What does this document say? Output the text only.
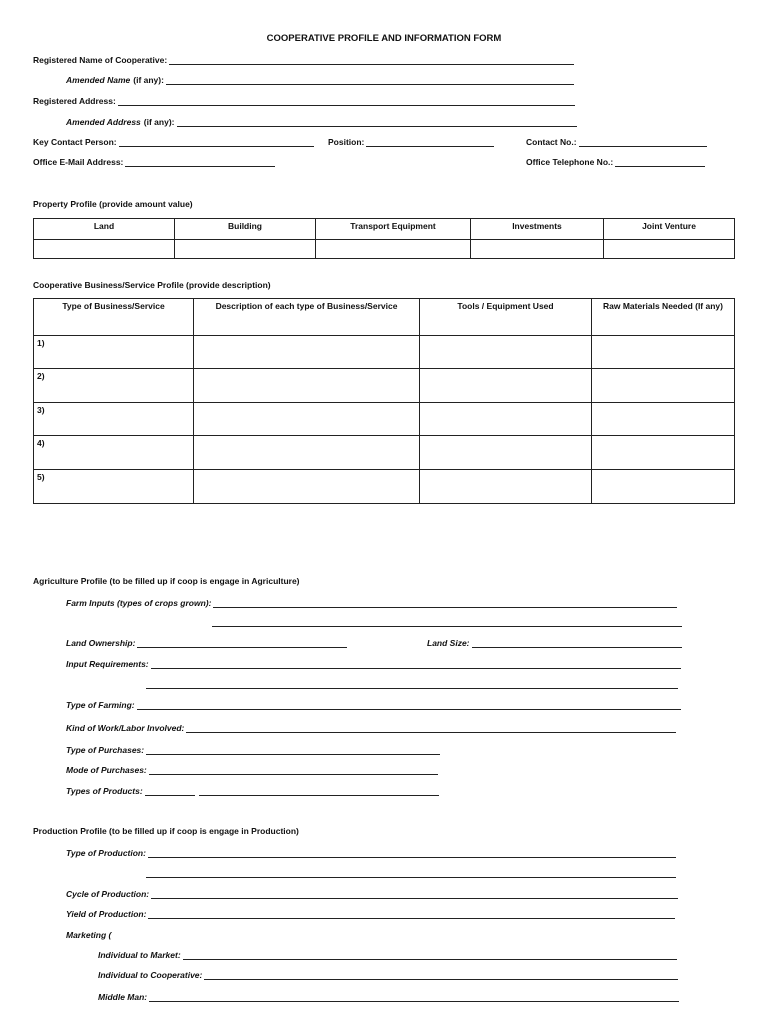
COOPERATIVE PROFILE AND INFORMATION FORM
Registered Name of Cooperative:
Amended Name (if any):
Registered Address:
Amended Address (if any):
Key Contact Person:	Position:	Contact No.:
Office E-Mail Address:	Office Telephone No.:
Property Profile (provide amount value)
Land	Building	Transport Equipment	Investments	Joint Venture

Cooperative Business/Service Profile (provide description)
Type of Business/Service	Description of each type of Business/Service	Tools / Equipment Used	Raw Materials Needed (If any)
1)			
2)			
3)			
4)			
5)			
Agriculture Profile (to be filled up if coop is engage in Agriculture)
Farm Inputs (types of crops grown):
Land Ownership:	Land Size:
Input Requirements:
Type of Farming:
Kind of Work/Labor Involved:
Type of Purchases:
Mode of Purchases:
Types of Products:
Production Profile (to be filled up if coop is engage in Production)
Type of Production:
Cycle of Production:
Yield of Production:
Marketing (
Individual to Market:
Individual to Cooperative:
Middle Man:
